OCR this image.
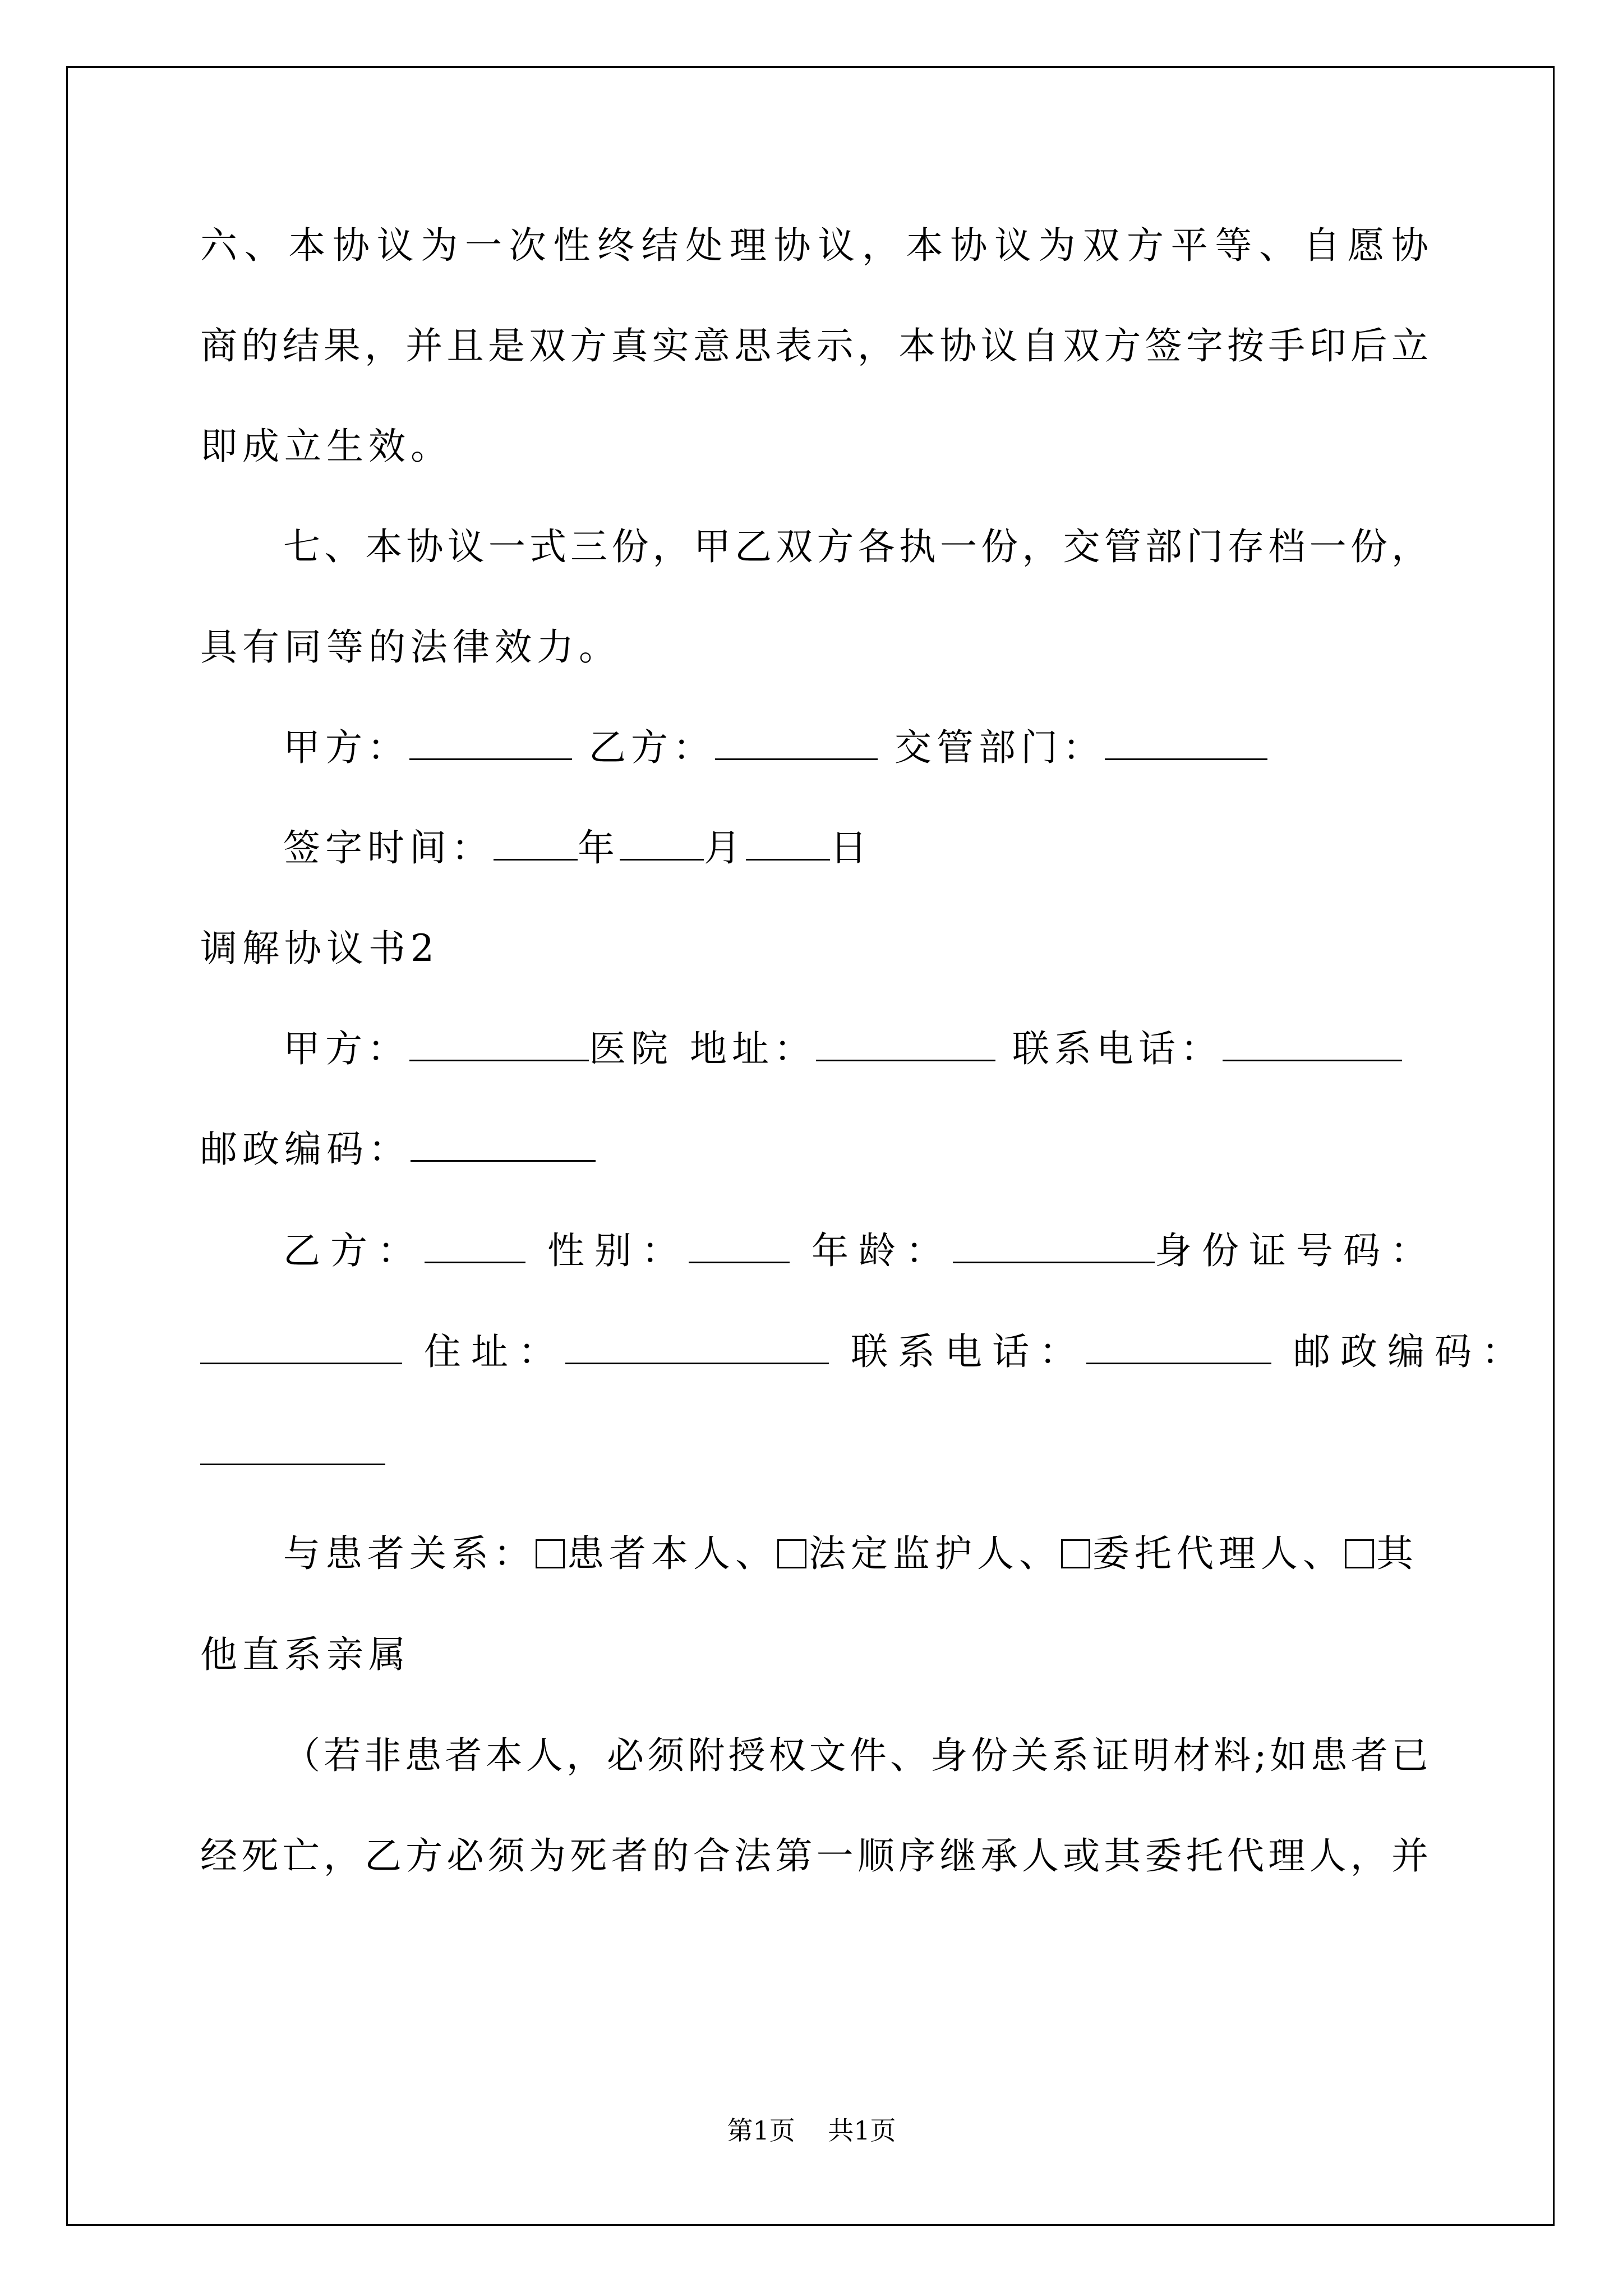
六、本协议为一次性终结处理协议，本协议为双方平等、自愿协
商的结果，并且是双方真实意思表示，本协议自双方签字按手印后立
即成立生效。
七、本协议一式三份，甲乙双方各执一份，交管部门存档一份，
具有同等的法律效力。
甲方：	乙方：	交管部门：
签字时间： 年 月 日
调解协议书2
甲方：	医院 地址：	联系电话：
邮政编码：
乙方：	性别：	年龄：	身份证号码：
住址：	联系电话：	邮政编码：
与患者关系： 患者本人、 法定监护人、 委托代理人、 其
他直系亲属
（若非患者本人，必须附授权文件、身份关系证明材料;如患者已
经死亡，乙方必须为死者的合法第一顺序继承人或其委托代理人，并
第1页 共1页
